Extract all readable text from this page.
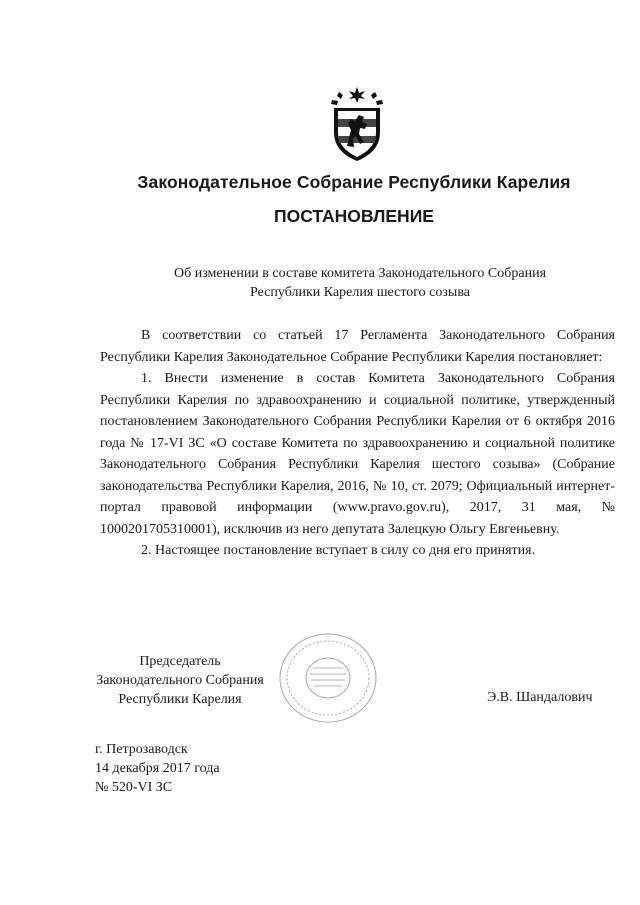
Законодательное Собрание Республики Карелия
ПОСТАНОВЛЕНИЕ
Об изменении в составе комитета Законодательного Собрания
Республики Карелия шестого созыва

В соответствии со статьей 17 Регламента Законодательного Собрания Республики Карелия Законодательное Собрание Республики Карелия постановляет:

1. Внести изменение в состав Комитета Законодательного Собрания Республики Карелия по здравоохранению и социальной политике, утвержденный постановлением Законодательного Собрания Республики Карелия от 6 октября 2016 года № 17-VI ЗС «О составе Комитета по здравоохранению и социальной политике Законодательного Собрания Республики Карелия шестого созыва» (Собрание законодательства Республики Карелия, 2016, № 10, ст. 2079; Официальный интернет-портал правовой информации (www.pravo.gov.ru), 2017, 31 мая, № 1000201705310001), исключив из него депутата Залецкую Ольгу Евгеньевну.

2. Настоящее постановление вступает в силу со дня его принятия.

Председатель
Законодательного Собрания
Республики Карелия	Э.В. Шандалович
г. Петрозаводск
14 декабря 2017 года
№ 520-VI ЗС
